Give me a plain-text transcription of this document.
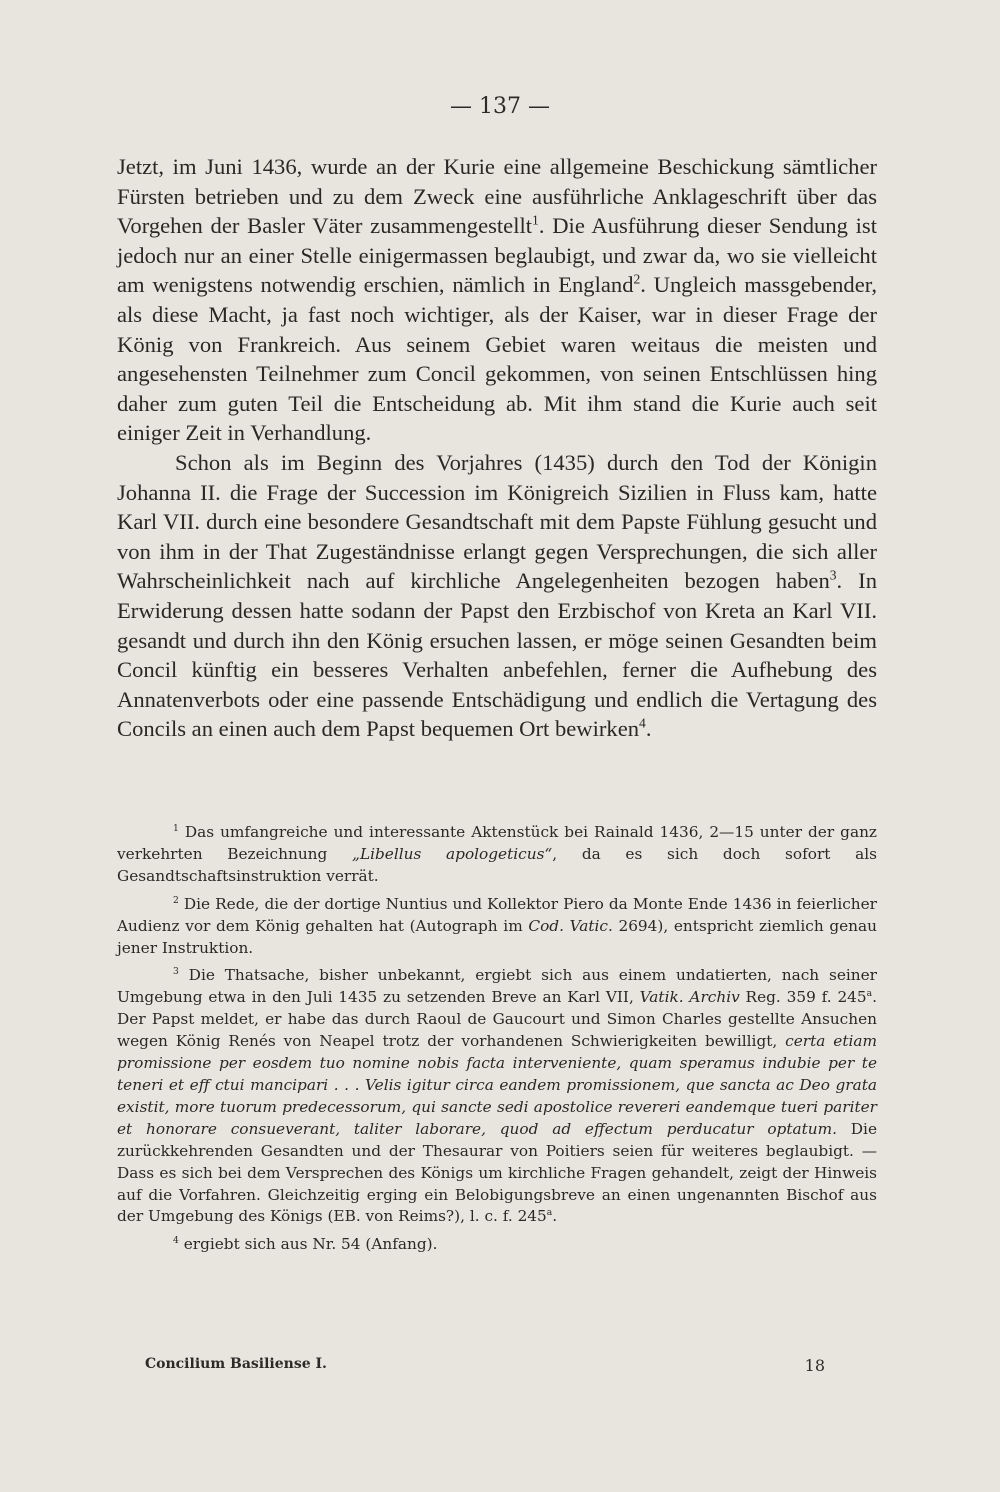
— 137 —

Jetzt, im Juni 1436, wurde an der Kurie eine allgemeine Beschickung sämtlicher Fürsten betrieben und zu dem Zweck eine ausführliche Anklageschrift über das Vorgehen der Basler Väter zusammengestellt$^1$. Die Ausführung dieser Sendung ist jedoch nur an einer Stelle einigermassen beglaubigt, und zwar da, wo sie vielleicht am wenigstens notwendig erschien, nämlich in England$^2$. Ungleich massgebender, als diese Macht, ja fast noch wichtiger, als der Kaiser, war in dieser Frage der König von Frankreich. Aus seinem Gebiet waren weitaus die meisten und angesehensten Teilnehmer zum Concil gekommen, von seinen Entschlüssen hing daher zum guten Teil die Entscheidung ab. Mit ihm stand die Kurie auch seit einiger Zeit in Verhandlung.

Schon als im Beginn des Vorjahres (1435) durch den Tod der Königin Johanna II. die Frage der Succession im Königreich Sizilien in Fluss kam, hatte Karl VII. durch eine besondere Gesandtschaft mit dem Papste Fühlung gesucht und von ihm in der That Zugeständnisse erlangt gegen Versprechungen, die sich aller Wahrscheinlichkeit nach auf kirchliche Angelegenheiten bezogen haben$^3$. In Erwiderung dessen hatte sodann der Papst den Erzbischof von Kreta an Karl VII. gesandt und durch ihn den König ersuchen lassen, er möge seinen Gesandten beim Concil künftig ein besseres Verhalten anbefehlen, ferner die Aufhebung des Annatenverbots oder eine passende Entschädigung und endlich die Vertagung des Concils an einen auch dem Papst bequemen Ort bewirken$^4$.

$^1$ Das umfangreiche und interessante Aktenstück bei Rainald 1436, 2—15 unter der ganz verkehrten Bezeichnung „Libellus apologeticus“, da es sich doch sofort als Gesandtschaftsinstruktion verrät.

$^2$ Die Rede, die der dortige Nuntius und Kollektor Piero da Monte Ende 1436 in feierlicher Audienz vor dem König gehalten hat (Autograph im Cod. Vatic. 2694), entspricht ziemlich genau jener Instruktion.

$^3$ Die Thatsache, bisher unbekannt, ergiebt sich aus einem undatierten, nach seiner Umgebung etwa in den Juli 1435 zu setzenden Breve an Karl VII, Vatik. Archiv Reg. 359 f. 245$^a$. Der Papst meldet, er habe das durch Raoul de Gaucourt und Simon Charles gestellte Ansuchen wegen König Renés von Neapel trotz der vorhandenen Schwierigkeiten bewilligt, certa etiam promissione per eosdem tuo nomine nobis facta interveniente, quam speramus indubie per te teneri et eff ctui mancipari . . . Velis igitur circa eandem promissionem, que sancta ac Deo grata existit, more tuorum predecessorum, qui sancte sedi apostolice revereri eandemque tueri pariter et honorare consueverant, taliter laborare, quod ad effectum perducatur optatum. Die zurückkehrenden Gesandten und der Thesaurar von Poitiers seien für weiteres beglaubigt. — Dass es sich bei dem Versprechen des Königs um kirchliche Fragen gehandelt, zeigt der Hinweis auf die Vorfahren. Gleichzeitig erging ein Belobigungsbreve an einen ungenannten Bischof aus der Umgebung des Königs (EB. von Reims?), l. c. f. 245$^a$.

$^4$ ergiebt sich aus Nr. 54 (Anfang).

Concilium Basiliense I.	18
